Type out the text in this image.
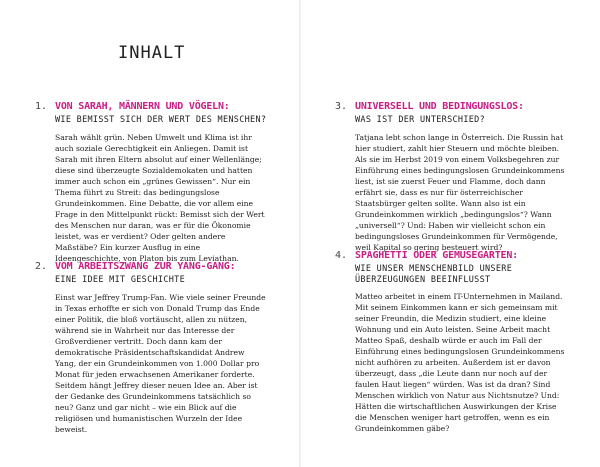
INHALT
1. VON SARAH, MÄNNERN UND VÖGELN:
WIE BEMISST SICH DER WERT DES MENSCHEN?
Sarah wählt grün. Neben Umwelt und Klima ist ihr auch soziale Gerechtigkeit ein Anliegen. Damit ist Sarah mit ihren Eltern absolut auf einer Wellenlänge; diese sind überzeugte Sozialdemokaten und hatten immer auch schon ein „grünes Gewissen“. Nur ein Thema führt zu Streit: das bedingungslose Grundeinkommen. Eine Debatte, die vor allem eine Frage in den Mittelpunkt rückt: Bemisst sich der Wert des Menschen nur daran, was er für die Ökonomie leistet, was er verdient? Oder gelten andere Maßstäbe? Ein kurzer Ausflug in eine Ideengeschichte, von Platon bis zum Leviathan.
2. VOM ARBEITSZWANG ZUR YANG-GANG:
EINE IDEE MIT GESCHICHTE
Einst war Jeffrey Trump-Fan. Wie viele seiner Freunde in Texas erhoffte er sich von Donald Trump das Ende einer Politik, die bloß vortäuscht, allen zu nützen, während sie in Wahrheit nur das Interesse der Großverdiener vertritt. Doch dann kam der demokratische Präsidentschaftskandidat Andrew Yang, der ein Grundeinkommen von 1.000 Dollar pro Monat für jeden erwachsenen Amerikaner forderte. Seitdem hängt Jeffrey dieser neuen Idee an. Aber ist der Gedanke des Grundeinkommens tatsächlich so neu? Ganz und gar nicht – wie ein Blick auf die religiösen und humanistischen Wurzeln der Idee beweist.
3. UNIVERSELL UND BEDINGUNGSLOS:
WAS IST DER UNTERSCHIED?
Tatjana lebt schon lange in Österreich. Die Russin hat hier studiert, zahlt hier Steuern und möchte bleiben. Als sie im Herbst 2019 von einem Volksbegehren zur Einführung eines bedingungslosen Grundeinkommens liest, ist sie zuerst Feuer und Flamme, doch dann erfährt sie, dass es nur für österreichischer Staatsbürger gelten sollte. Wann also ist ein Grundeinkommen wirklich „bedingungslos“? Wann „universell“? Und: Haben wir vielleicht schon ein bedingungsloses Grundeinkommen für Vermögende, weil Kapital so gering besteuert wird?
4. SPAGHETTI ODER GEMÜSEGARTEN:
WIE UNSER MENSCHENBILD UNSERE ÜBERZEUGUNGEN BEEINFLUSST
Matteo arbeitet in einem IT-Unternehmen in Mailand. Mit seinem Einkommen kann er sich gemeinsam mit seiner Freundin, die Medizin studiert, eine kleine Wohnung und ein Auto leisten. Seine Arbeit macht Matteo Spaß, deshalb würde er auch im Fall der Einführung eines bedingungslosen Grundeinkommens nicht aufhören zu arbeiten. Außerdem ist er davon überzeugt, dass „die Leute dann nur noch auf der faulen Haut liegen“ würden. Was ist da dran? Sind Menschen wirklich von Natur aus Nichtsnutze? Und: Hätten die wirtschaftlichen Auswirkungen der Krise die Menschen weniger hart getroffen, wenn es ein Grundeinkommen gäbe?
